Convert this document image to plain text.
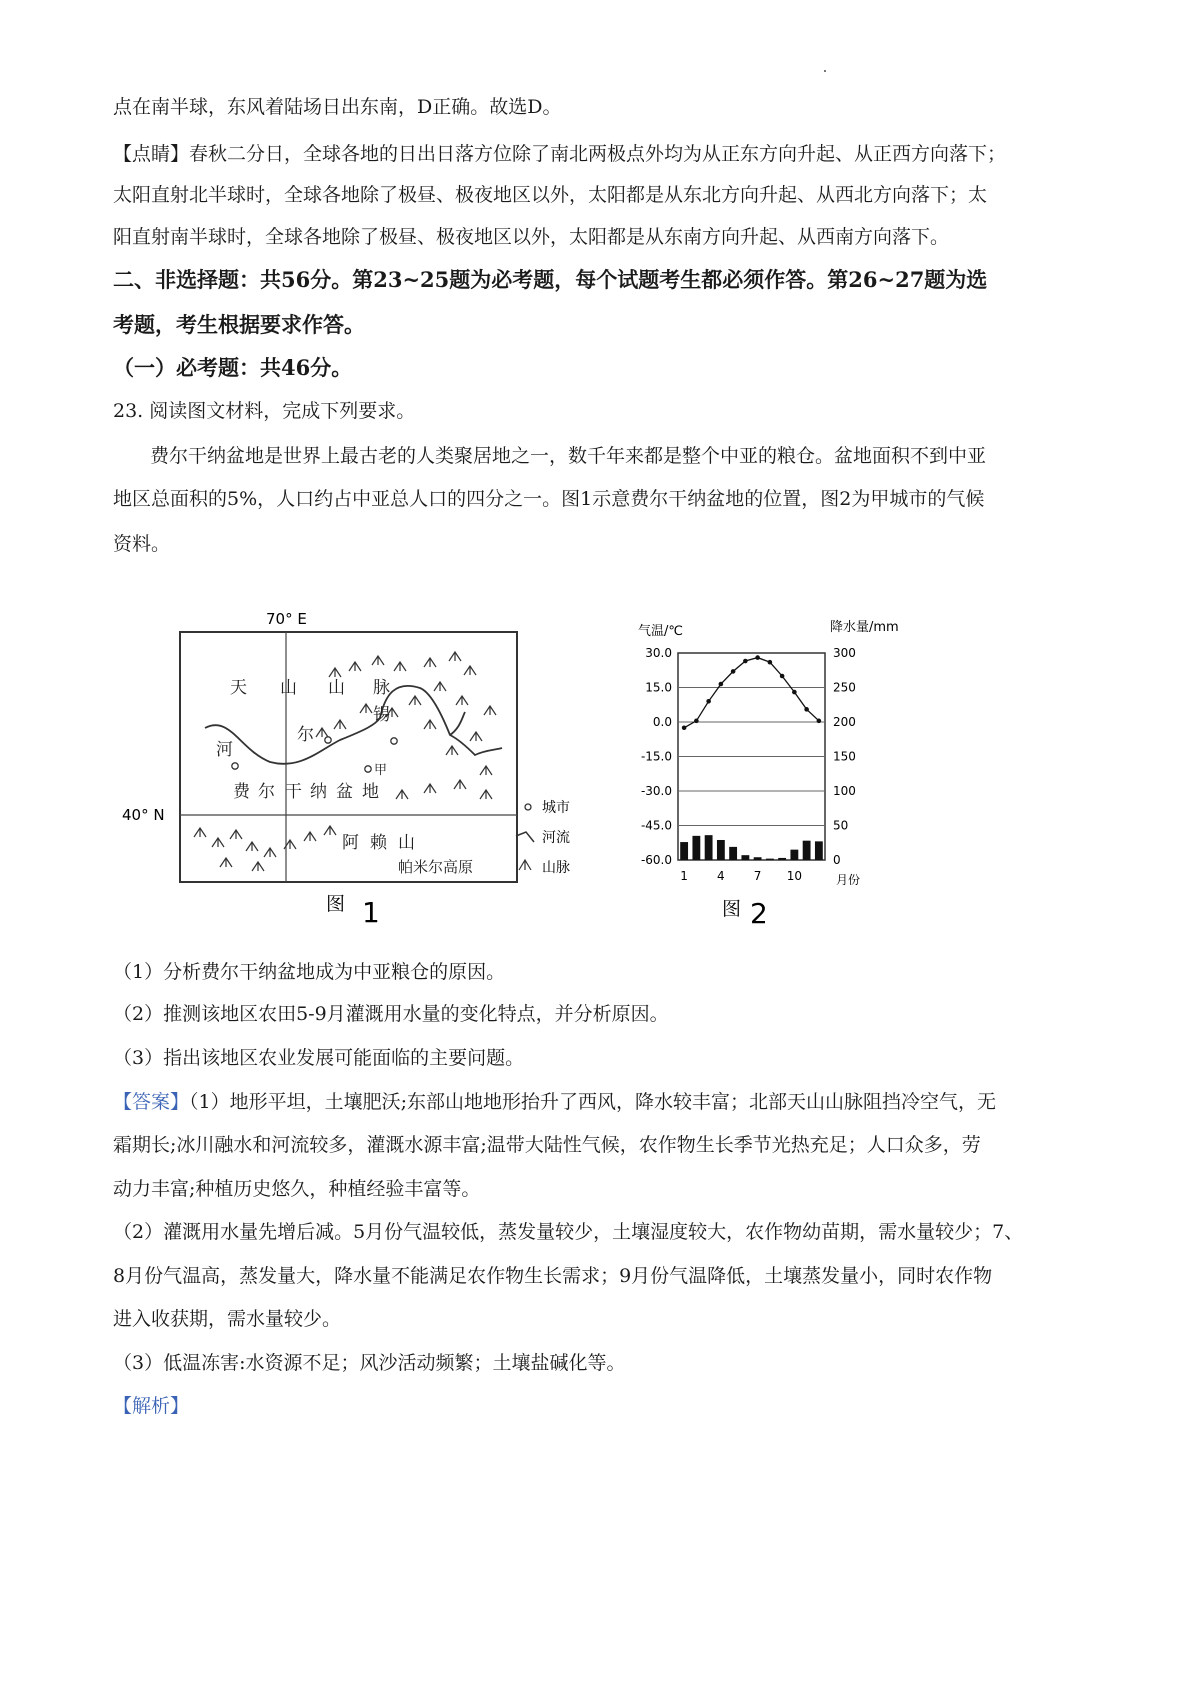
点在南半球，东风着陆场日出东南，D正确。故选D。
【点睛】春秋二分日，全球各地的日出日落方位除了南北两极点外均为从正东方向升起、从正西方向落下；
太阳直射北半球时，全球各地除了极昼、极夜地区以外，太阳都是从东北方向升起、从西北方向落下；太
阳直射南半球时，全球各地除了极昼、极夜地区以外，太阳都是从东南方向升起、从西南方向落下。
二、非选择题：共56分。第23~25题为必考题，每个试题考生都必须作答。第26~27题为选
考题，考生根据要求作答。
（一）必考题：共46分。
23. 阅读图文材料，完成下列要求。
费尔干纳盆地是世界上最古老的人类聚居地之一，数千年来都是整个中亚的粮仓。盆地面积不到中亚
地区总面积的5%，人口约占中亚总人口的四分之一。图1示意费尔干纳盆地的位置，图2为甲城市的气候
资料。
70° E
40° N
天 山 山 脉
河
尔
锡
甲
费 尔 干 纳 盆 地
阿 赖 山
帕米尔高原
城市
河流
山脉
图 1
气温/℃	降水量/mm
30.0
15.0
0.0
-15.0
-30.0
-45.0
-60.0
300
250
200
150
100
50
0
1 4 7 10	月份
图 2
（1）分析费尔干纳盆地成为中亚粮仓的原因。
（2）推测该地区农田5-9月灌溉用水量的变化特点，并分析原因。
（3）指出该地区农业发展可能面临的主要问题。
【答案】（1）地形平坦，土壤肥沃;东部山地地形抬升了西风，降水较丰富；北部天山山脉阻挡冷空气，无
霜期长;冰川融水和河流较多，灌溉水源丰富;温带大陆性气候，农作物生长季节光热充足；人口众多，劳
动力丰富;种植历史悠久，种植经验丰富等。
（2）灌溉用水量先增后减。5月份气温较低，蒸发量较少，土壤湿度较大，农作物幼苗期，需水量较少；7、
8月份气温高，蒸发量大，降水量不能满足农作物生长需求；9月份气温降低，土壤蒸发量小，同时农作物
进入收获期，需水量较少。
（3）低温冻害:水资源不足；风沙活动频繁；土壤盐碱化等。
【解析】
